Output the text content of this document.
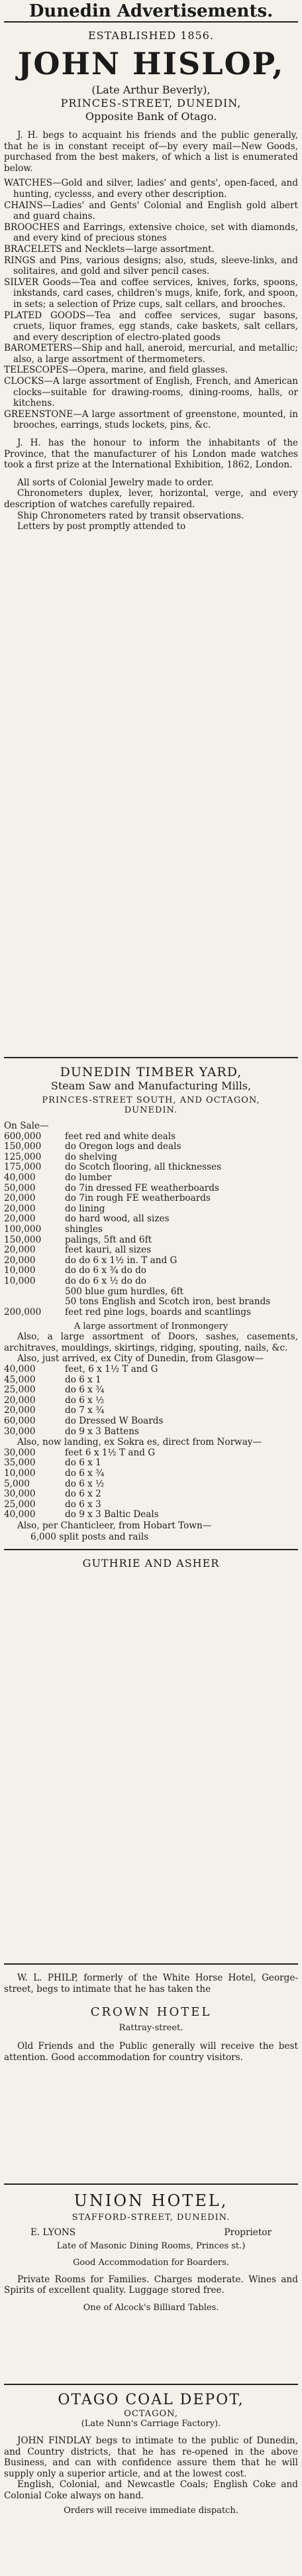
Dunedin Advertisements.
ESTABLISHED 1856.
JOHN HISLOP,
(Late Arthur Beverly),
PRINCES-STREET, DUNEDIN,
Opposite Bank of Otago.

J. H. begs to acquaint his friends and the public generally, that he is in constant receipt of—by every mail—New Goods, purchased from the best makers, of which a list is enumerated below.

WATCHES—Gold and silver, ladies' and gents', open-faced, and hunting, cyclesss, and every other description.

CHAINS—Ladies' and Gents' Colonial and English gold albert and guard chains.

BROOCHES and Earrings, extensive choice, set with diamonds, and every kind of precious stones

BRACELETS and Necklets—large assortment.

RINGS and Pins, various designs; also, studs, sleeve-links, and solitaires, and gold and silver pencil cases.

SILVER Goods—Tea and coffee services, knives, forks, spoons, inkstands, card cases, children's mugs, knife, fork, and spoon, in sets; a selection of Prize cups, salt cellars, and brooches.

PLATED GOODS—Tea and coffee services, sugar basons, cruets, liquor frames, egg stands, cake baskets, salt cellars, and every description of electro-plated goods

BAROMETERS—Ship and hall, aneroid, mercurial, and metallic; also, a large assortment of thermometers.

TELESCOPES—Opera, marine, and field glasses.

CLOCKS—A large assortment of English, French, and American clocks—suitable for drawing-rooms, dining-rooms, halls, or kitchens.

GREENSTONE—A large assortment of greenstone, mounted, in brooches, earrings, studs lockets, pins, &c.

J. H. has the honour to inform the inhabitants of the Province, that the manufacturer of his London made watches took a first prize at the International Exhibition, 1862, London.

All sorts of Colonial Jewelry made to order.

Chronometers duplex, lever, horizontal, verge, and every description of watches carefully repaired.

Ship Chronometers rated by transit observations.

Letters by post promptly attended to

DUNEDIN TIMBER YARD,
Steam Saw and Manufacturing Mills,
PRINCES-STREET SOUTH, AND OCTAGON,
DUNEDIN.

On Sale—

600,000	feet red and white deals
150,000	do Oregon logs and deals
125,000	do shelving
175,000	do Scotch flooring, all thicknesses
40,000	do lumber
50,000	do 7in dressed FE weatherboards
20,000	do 7in rough FE weatherboards
20,000	do lining
20,000	do hard wood, all sizes
100,000	shingles
150,000	palings, 5ft and 6ft
20,000	feet kauri, all sizes
20,000	do do 6 x 1½ in. T and G
10,000	do do 6 x ¾ do do
10,000	do do 6 x ½ do do
500 blue gum hurdles, 6ft
50 tons English and Scotch iron, best brands
200,000	feet red pine logs, boards and scantlings
A large assortment of Ironmongery

Also, a large assortment of Doors, sashes, casements, architraves, mouldings, skirtings, ridging, spouting, nails, &c.

Also, just arrived, ex City of Dunedin, from Glasgow—

40,000	feet, 6 x 1½ T and G
45,000	do 6 x 1
25,000	do 6 x ¾
20,000	do 6 x ½
20,000	do 7 x ¾
60,000	do Dressed W Boards
30,000	do 9 x 3 Battens

Also, now landing, ex Sokra es, direct from Norway—

30,000	feet 6 x 1½ T and G
35,000	do 6 x 1
10,000	do 6 x ¾
5,000	do 6 x ½
30,000	do 6 x 2
25,000	do 6 x 3
40,000	do 9 x 3 Baltic Deals

Also, per Chanticleer, from Hobart Town—

6,000 split posts and rails

GUTHRIE AND ASHER

W. L. PHILP, formerly of the White Horse Hotel, George-street, begs to intimate that he has taken the

CROWN HOTEL
Rattray-street.

Old Friends and the Public generally will receive the best attention. Good accommodation for country visitors.

UNION HOTEL,
STAFFORD-STREET, DUNEDIN.
E. LYONS	Proprietor
Late of Masonic Dining Rooms, Princes st.)
Good Accommodation for Boarders.

Private Rooms for Families. Charges moderate. Wines and Spirits of excellent quality. Luggage stored free.

One of Alcock's Billiard Tables.
OTAGO COAL DEPOT,
OCTAGON,
(Late Nunn's Carriage Factory).

JOHN FINDLAY begs to intimate to the public of Dunedin, and Country districts, that he has re-opened in the above Business, and can with confidence assure them that he will supply only a superior article, and at the lowest cost.

English, Colonial, and Newcastle Coals; English Coke and Colonial Coke always on hand.

Orders will receive immediate dispatch.
